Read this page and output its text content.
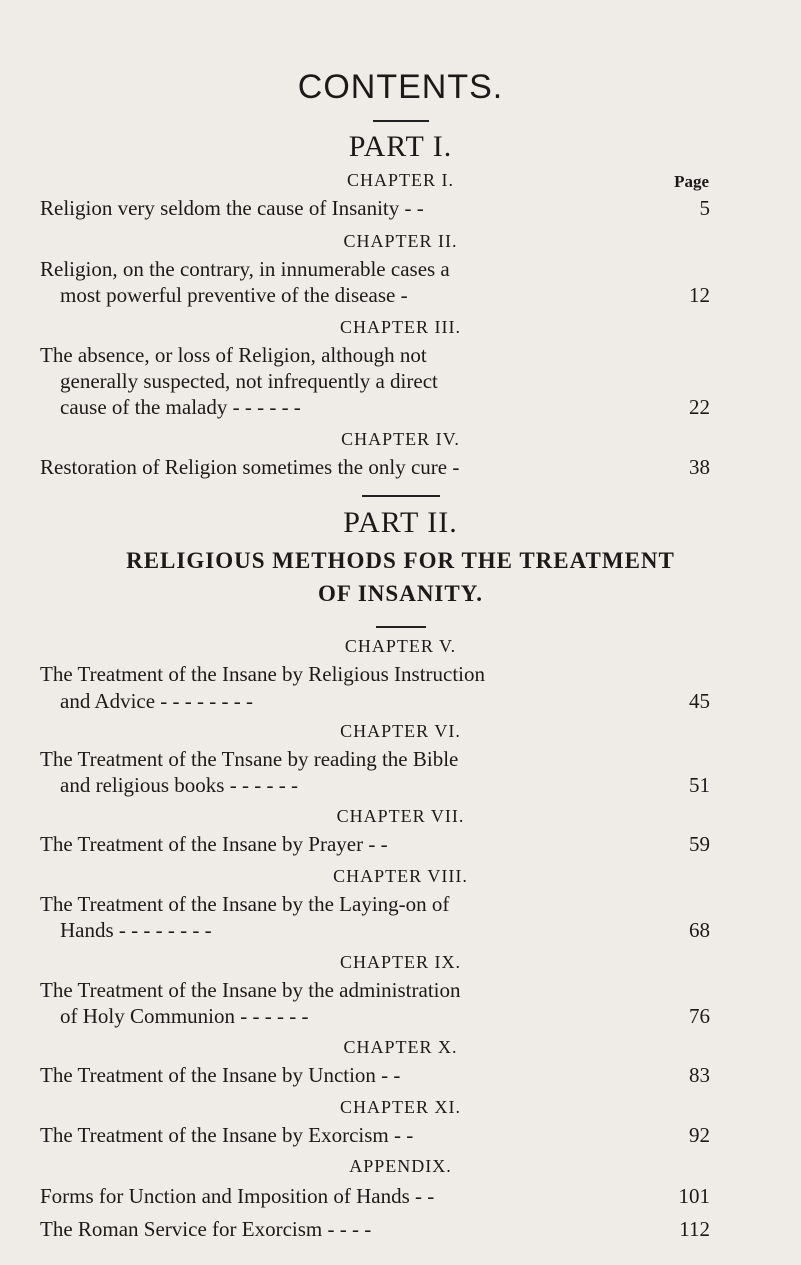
CONTENTS.
PART I.
CHAPTER I.	Page
Religion very seldom the cause of Insanity - -	5
CHAPTER II.
Religion, on the contrary, in innumerable cases a
most powerful preventive of the disease -	12
CHAPTER III.
The absence, or loss of Religion, although not
generally suspected, not infrequently a direct
cause of the malady - - - - - -	22
CHAPTER IV.
Restoration of Religion sometimes the only cure -	38
PART II.
RELIGIOUS METHODS FOR THE TREATMENT
OF INSANITY.
CHAPTER V.
The Treatment of the Insane by Religious Instruction
and Advice - - - - - - - -	45
CHAPTER VI.
The Treatment of the Tnsane by reading the Bible
and religious books - - - - - -	51
CHAPTER VII.
The Treatment of the Insane by Prayer - -	59
CHAPTER VIII.
The Treatment of the Insane by the Laying-on of
Hands - - - - - - - -	68
CHAPTER IX.
The Treatment of the Insane by the administration
of Holy Communion - - - - - -	76
CHAPTER X.
The Treatment of the Insane by Unction - -	83
CHAPTER XI.
The Treatment of the Insane by Exorcism - -	92
APPENDIX.
Forms for Unction and Imposition of Hands - -	101
The Roman Service for Exorcism - - - -	112
